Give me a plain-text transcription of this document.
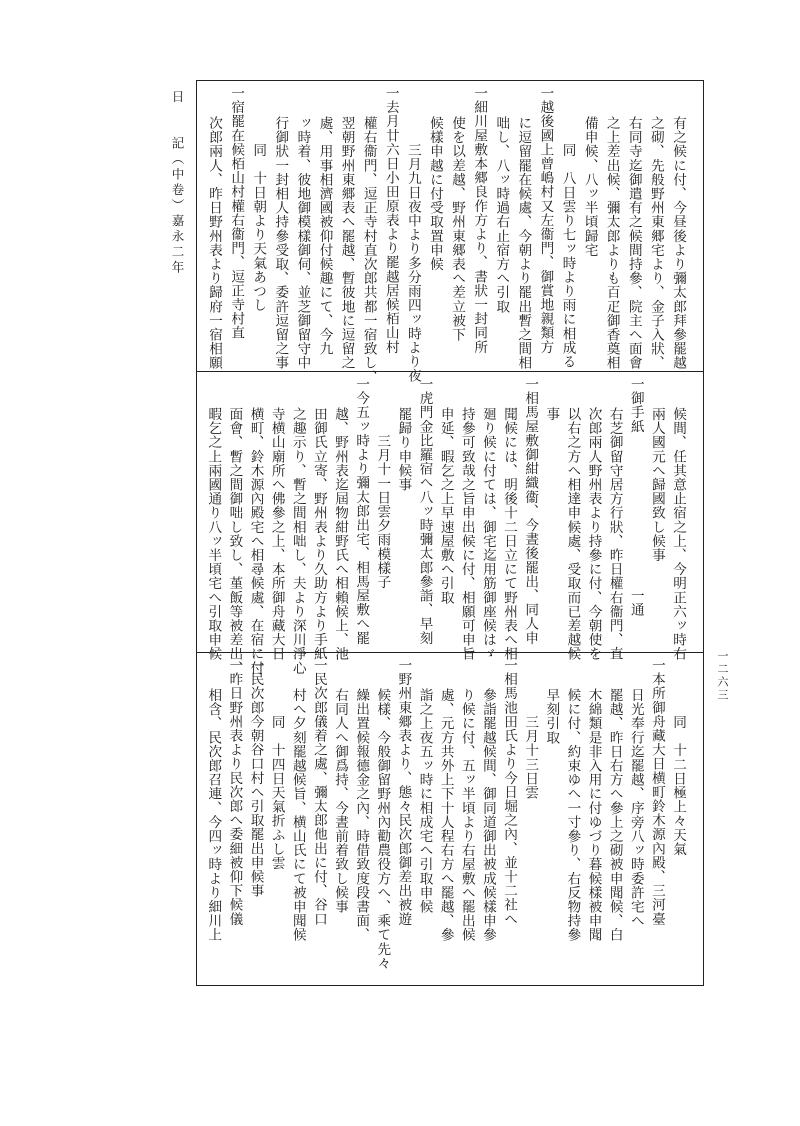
日　　記（中卷）嘉永二年
一二六三
有之候に付、今昼後より彌太郎拜參罷越
之砌、先般野州東郷宅より、金子入狀、
右同寺迄御遣有之候間持參、院主へ面會
之上差出候、彌太郎よりも百疋御香奠相
備申候、八ッ半頃歸宅
同　八日雲り七ッ時より雨に相成る
一越後國上曾嶋村又左衞門、御賞地親類方
に逗留罷在候處、今朝より罷出暫之間相
咄し、八ッ時過右止宿方へ引取
一細川屋敷本郷良作方より、書狀一封同所
使を以差越、野州東郷表へ差立被下
候樣申越に付受取置申候
三月九日夜中より多分雨四ッ時より夜
一去月廿六日小田原表より罷越居候栢山村
權右衞門、逗正寺村直次郎共都一宿致し、
翌朝野州東郷表へ罷越、暫彼地に逗留之
處、用事相濟國被仰付候趣にて、今九
ッ時着、彼地御模樣御伺、並芝御留守中
行御狀一封相人持參受取、委許逗留之事
同　十日朝より天氣あつし
一宿罷在候栢山村權右衞門、逗正寺村直
次郎兩人、昨日野州表より歸府一宿相願
候間、任其意止宿之上、今明正六ッ時右
兩人國元へ歸國致し候事
一御手紙　　　　　　　　　　　一通
右芝御留守居方行狀、昨日權右衞門、直
次郎兩人野州表より持參に付、今朝使を
以右之方へ相達申候處、受取而已差越候
事
一相馬屋敷御紺織衞、今晝後罷出、同人申
聞候には、明後十二日立にて野州表へ相
廻り候に付ては、御宅迄用筋御座候はゞ
持參可致哉之旨申出候に付、相願可申旨
申延、暇乞之上早速屋敷へ引取
一虎門金比羅宿へ八ッ時彌太郎參詣、早刻
罷歸り申候事
三月十一日雲夕雨模樣子
一今五ッ時より彌太郎出宅、相馬屋敷へ罷
越、野州表迄屆物紺野氏へ相賴候上、池
田御氏立寄、野州表より久助方より手紙
之趣示り、暫之間相咄し、夫より深川淨心
寺横山廟所へ佛參之上、本所御舟藏大日
横町、鈴木源內殿宅へ相尋候處、在宿に付
面會、暫之間御咄し致し、堇飯等被差出、
暇乞之上兩國通り八ッ半頃宅へ引取申候
同　十二日極上々天氣
一本所御舟藏大日横町鈴木源內殿、三河臺
日光奉行迄罷越、序旁八ッ時委許宅へ
罷越、昨日右方へ參上之砌被申聞候、白
木綿類是非入用に付ゆづり暮候樣被申聞
候に付、約束ゆへ一寸參り、右反物持參
早刻引取
三月十三日雲
一相馬池田氏より今日堀之內、並十二社へ
參詣罷越候間、御同道御出被成候樣申參
り候に付、五ッ半頃より右屋敷へ罷出候
處、元方共外上下十人程右方へ罷越、參
詣之上夜五ッ時に相成宅へ引取申候
一野州東郷表より、態々民次郎御差出被遊
候樣、今般御留野州內勸農役方へ、乘て先々
繰出置候報德金之內、時借致度段書面、
右同人へ御爲持、今晝前着致し候事
一民次郎儀着之處、彌太郎他出に付、谷口
村へ夕刻罷越候旨、横山氏にて被申聞候
同　十四日天氣折ふし雲
一民次郎今朝谷口村へ引取罷出申候事
一昨日野州表より民次郎へ委細被仰下候儀
相含、民次郎召連、今四ッ時より細川上
